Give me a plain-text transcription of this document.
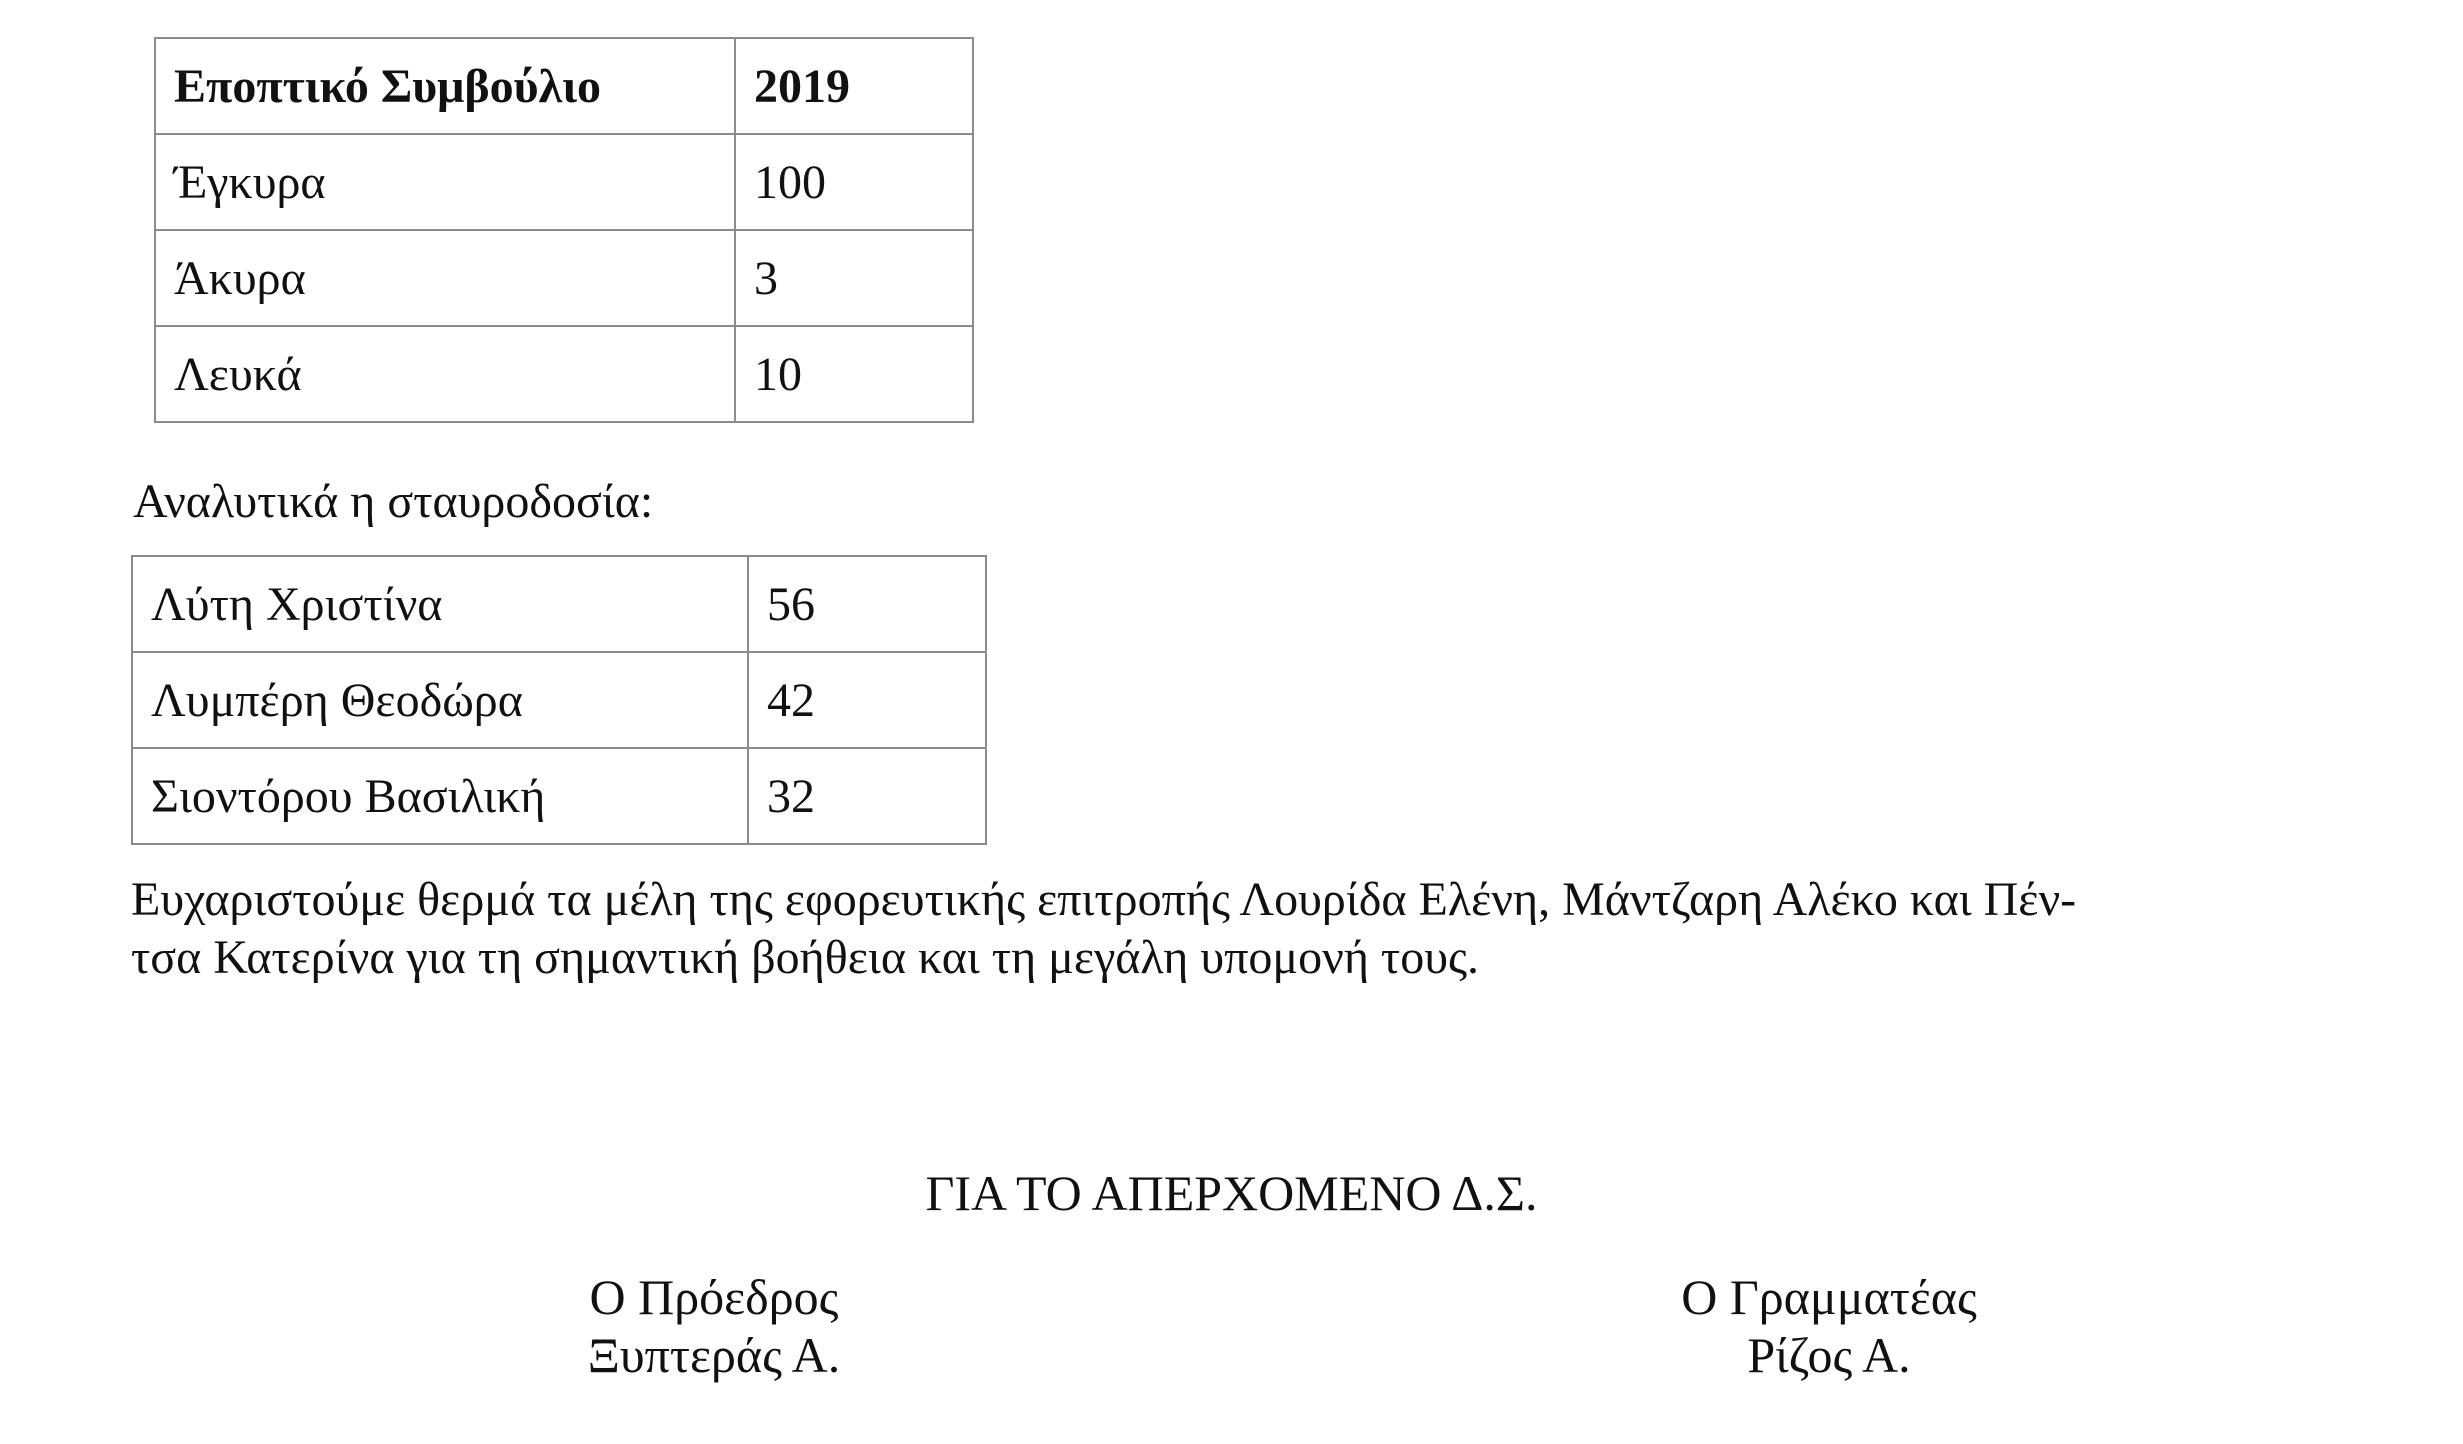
Εποπτικό Συμβούλιο	2019
Έγκυρα	100
Άκυρα	3
Λευκά	10
Αναλυτικά η σταυροδοσία:
Λύτη Χριστίνα	56
Λυμπέρη Θεοδώρα	42
Σιοντόρου Βασιλική	32
Ευχαριστούμε θερμά τα μέλη της εφορευτικής επιτροπής Λουρίδα Ελένη, Μάντζαρη Αλέκο και Πέν-
τσα Κατερίνα για τη σημαντική βοήθεια και τη μεγάλη υπομονή τους.
ΓΙΑ ΤΟ ΑΠΕΡΧΟΜΕΝΟ Δ.Σ.
Ο Πρόεδρος
Ξυπτεράς Α.
Ο Γραμματέας
Ρίζος Α.
